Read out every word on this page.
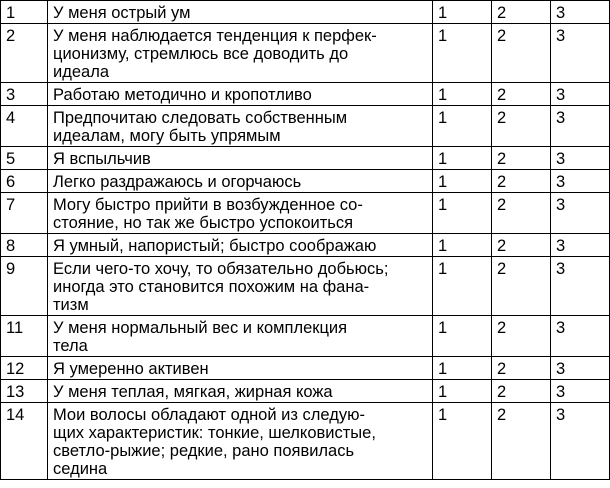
1	У меня острый ум	1	2	3
2	У меня наблюдается тенденция к перфек-
ционизму, стремлюсь все доводить до
идеала	1	2	3
3	Работаю методично и кропотливо	1	2	3
4	Предпочитаю следовать собственным
идеалам, могу быть упрямым	1	2	3
5	Я вспыльчив	1	2	3
6	Легко раздражаюсь и огорчаюсь	1	2	3
7	Могу быстро прийти в возбужденное со-
стояние, но так же быстро успокоиться	1	2	3
8	Я умный, напористый; быстро соображаю	1	2	3
9	Если чего-то хочу, то обязательно добьюсь;
иногда это становится похожим на фана-
тизм	1	2	3
11	У меня нормальный вес и комплекция
тела	1	2	3
12	Я умеренно активен	1	2	3
13	У меня теплая, мягкая, жирная кожа	1	2	3
14	Мои волосы обладают одной из следую-
щих характеристик: тонкие, шелковистые,
светло-рыжие; редкие, рано появилась
седина	1	2	3
